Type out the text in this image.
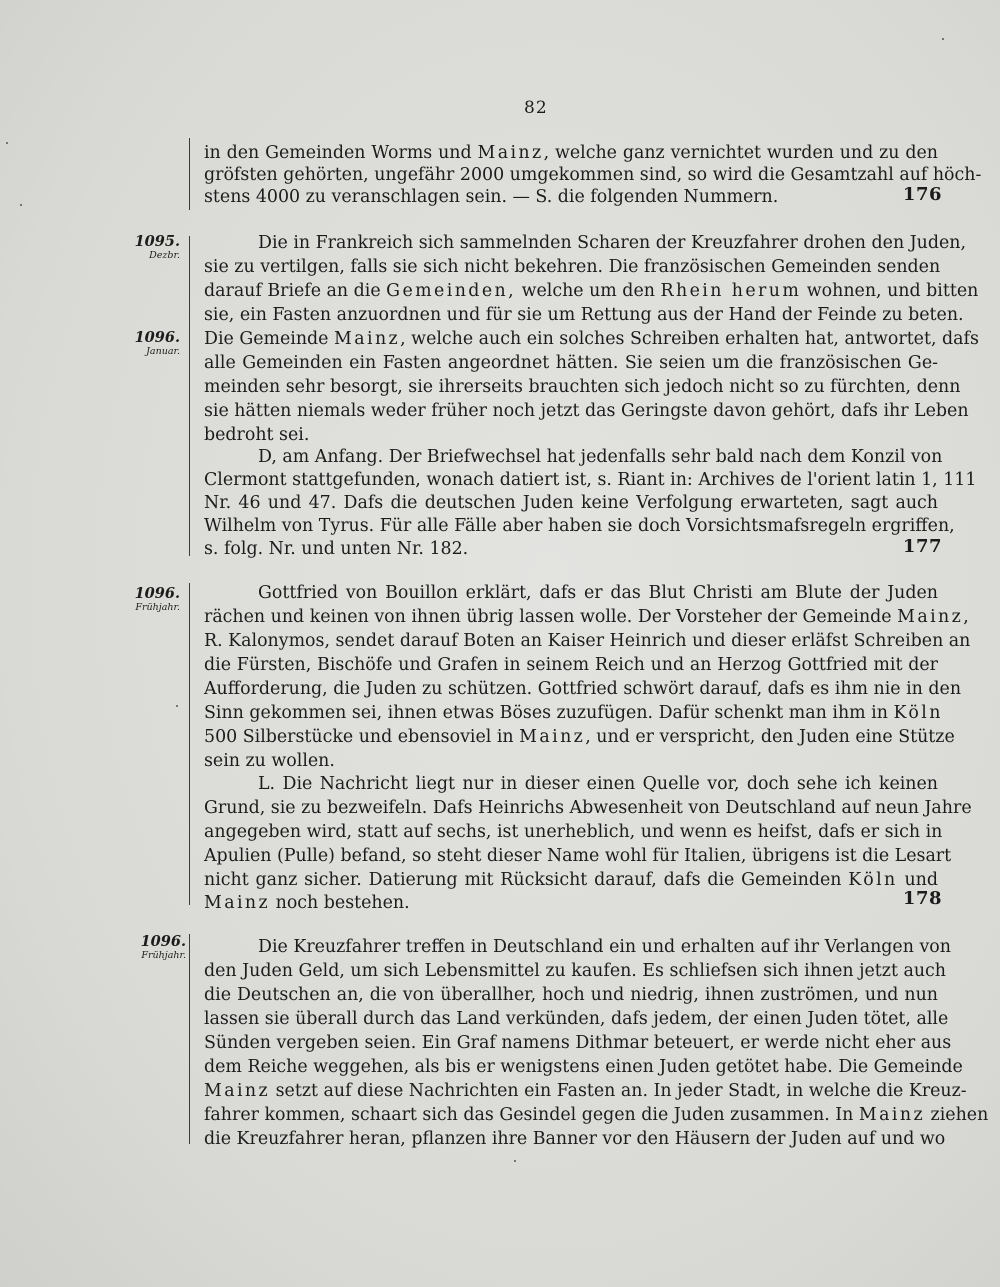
82
1095.
Dezbr.
1096.
Januar.
1096.
Frühjahr.
1096.
Frühjahr.
in den Gemeinden Worms und Mainz, welche ganz vernichtet wurden und zu den
gröfsten gehörten, ungefähr 2000 umgekommen sind, so wird die Gesamtzahl auf höch-
stens 4000 zu veranschlagen sein. — S. die folgenden Nummern.	176
Die in Frankreich sich sammelnden Scharen der Kreuzfahrer drohen den Juden,
sie zu vertilgen, falls sie sich nicht bekehren. Die französischen Gemeinden senden
darauf Briefe an die Gemeinden, welche um den Rhein herum wohnen, und bitten
sie, ein Fasten anzuordnen und für sie um Rettung aus der Hand der Feinde zu beten.
Die Gemeinde Mainz, welche auch ein solches Schreiben erhalten hat, antwortet, dafs
alle Gemeinden ein Fasten angeordnet hätten. Sie seien um die französischen Ge-
meinden sehr besorgt, sie ihrerseits brauchten sich jedoch nicht so zu fürchten, denn
sie hätten niemals weder früher noch jetzt das Geringste davon gehört, dafs ihr Leben
bedroht sei.
D, am Anfang. Der Briefwechsel hat jedenfalls sehr bald nach dem Konzil von
Clermont stattgefunden, wonach datiert ist, s. Riant in: Archives de l'orient latin 1, 111
Nr. 46 und 47. Dafs die deutschen Juden keine Verfolgung erwarteten, sagt auch
Wilhelm von Tyrus. Für alle Fälle aber haben sie doch Vorsichtsmafsregeln ergriffen,
s. folg. Nr. und unten Nr. 182.	177
Gottfried von Bouillon erklärt, dafs er das Blut Christi am Blute der Juden
rächen und keinen von ihnen übrig lassen wolle. Der Vorsteher der Gemeinde Mainz,
R. Kalonymos, sendet darauf Boten an Kaiser Heinrich und dieser erläfst Schreiben an
die Fürsten, Bischöfe und Grafen in seinem Reich und an Herzog Gottfried mit der
Aufforderung, die Juden zu schützen. Gottfried schwört darauf, dafs es ihm nie in den
Sinn gekommen sei, ihnen etwas Böses zuzufügen. Dafür schenkt man ihm in Köln
500 Silberstücke und ebensoviel in Mainz, und er verspricht, den Juden eine Stütze
sein zu wollen.
L. Die Nachricht liegt nur in dieser einen Quelle vor, doch sehe ich keinen
Grund, sie zu bezweifeln. Dafs Heinrichs Abwesenheit von Deutschland auf neun Jahre
angegeben wird, statt auf sechs, ist unerheblich, und wenn es heifst, dafs er sich in
Apulien (Pulle) befand, so steht dieser Name wohl für Italien, übrigens ist die Lesart
nicht ganz sicher. Datierung mit Rücksicht darauf, dafs die Gemeinden Köln und
Mainz noch bestehen.	178
Die Kreuzfahrer treffen in Deutschland ein und erhalten auf ihr Verlangen von
den Juden Geld, um sich Lebensmittel zu kaufen. Es schliefsen sich ihnen jetzt auch
die Deutschen an, die von überallher, hoch und niedrig, ihnen zuströmen, und nun
lassen sie überall durch das Land verkünden, dafs jedem, der einen Juden tötet, alle
Sünden vergeben seien. Ein Graf namens Dithmar beteuert, er werde nicht eher aus
dem Reiche weggehen, als bis er wenigstens einen Juden getötet habe. Die Gemeinde
Mainz setzt auf diese Nachrichten ein Fasten an. In jeder Stadt, in welche die Kreuz-
fahrer kommen, schaart sich das Gesindel gegen die Juden zusammen. In Mainz ziehen
die Kreuzfahrer heran, pflanzen ihre Banner vor den Häusern der Juden auf und wo
